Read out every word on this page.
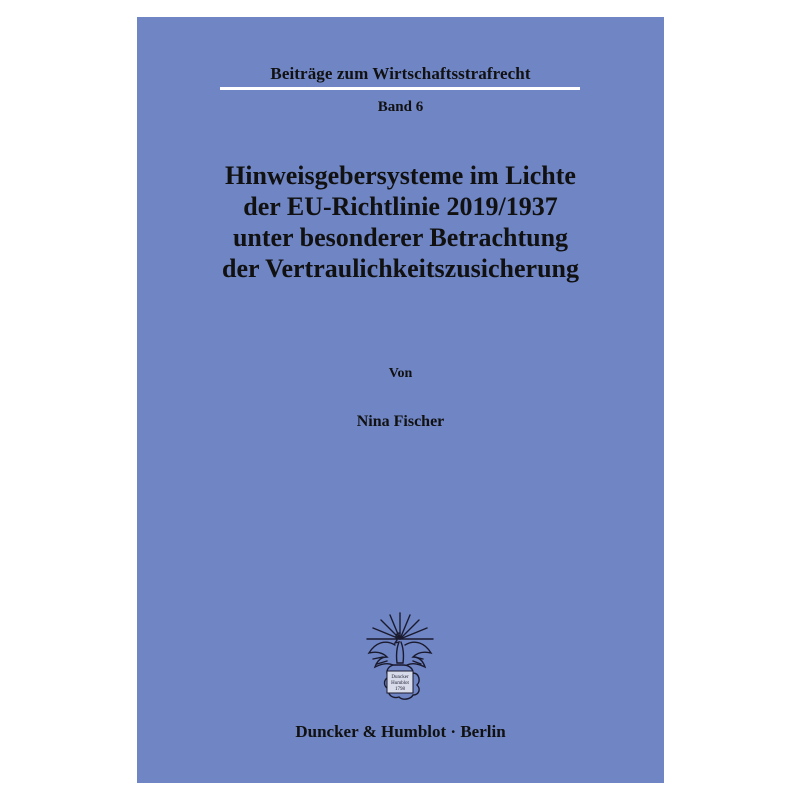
Beiträge zum Wirtschaftsstrafrecht
Band 6
Hinweisgebersysteme im Lichte
der EU-Richtlinie 2019/1937
unter besonderer Betrachtung
der Vertraulichkeitszusicherung
Von
Nina Fischer
Duncker
Humblot
1798
Duncker & Humblot · Berlin
